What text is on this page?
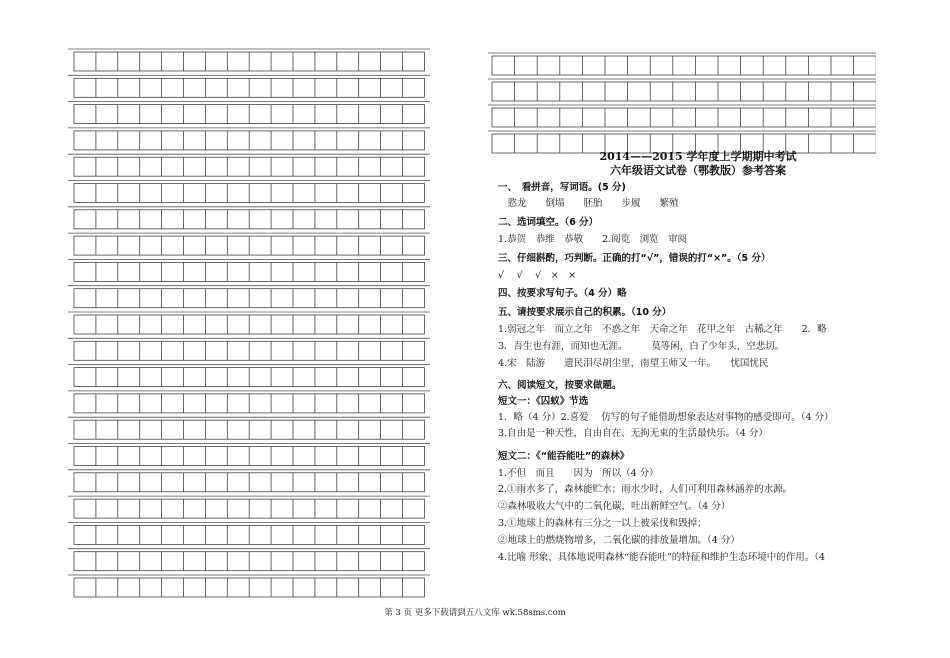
2014——2015 学年度上学期期中考试
六年级语文试卷（鄂教版）参考答案
一、　看拼音，写词语。(5 分)
　憝龙　　倒塌　　胚胎　　步履　　繁殖
二、选词填空。（6 分）
1.恭贺　恭维　恭敬　　2.阅览　浏览　审阅
三、仔细斟酌，巧判断。正确的打“√”，错误的打“×”。（5 分）
√　 √　 √　×　×
四、按要求写句子。（4 分）略
五、请按要求展示自己的积累。（10 分）
1.弱冠之年　而立之年　不惑之年　天命之年　花甲之年　古稀之年　　2．略
3．吾生也有涯，而知也无涯。　　　莫等闲，白了少年头，空悲切。
4.宋　陆游　　遗民泪尽胡尘里，南望王师又一年。　　忧国忧民
六、阅读短文，按要求做题。
短文一：《囚蚁》节选
1．略（4 分）2.喜爱　 仿写的句子能借助想象表达对事物的感受即可。（4 分）
3.自由是一种天性，自由自在、无拘无束的生活最快乐。（4 分）
短文二：《“能吞能吐”的森林》
1.不但　而且　　因为　所以（4 分）
2.①雨水多了，森林能贮水；雨水少时，人们可利用森林涵养的水源。
②森林吸收大气中的二氧化碳，吐出新鲜空气。（4 分）
3.①地球上的森林有三分之一以上被采伐和毁掉；
②地球上的燃烧物增多，二氧化碳的排放量增加。（4 分）
4.比喻 形象、具体地说明森林“能吞能吐”的特征和维护生态环境中的作用。（4
第 3 页 更多下载请到五八文库 wk.58sms.com
